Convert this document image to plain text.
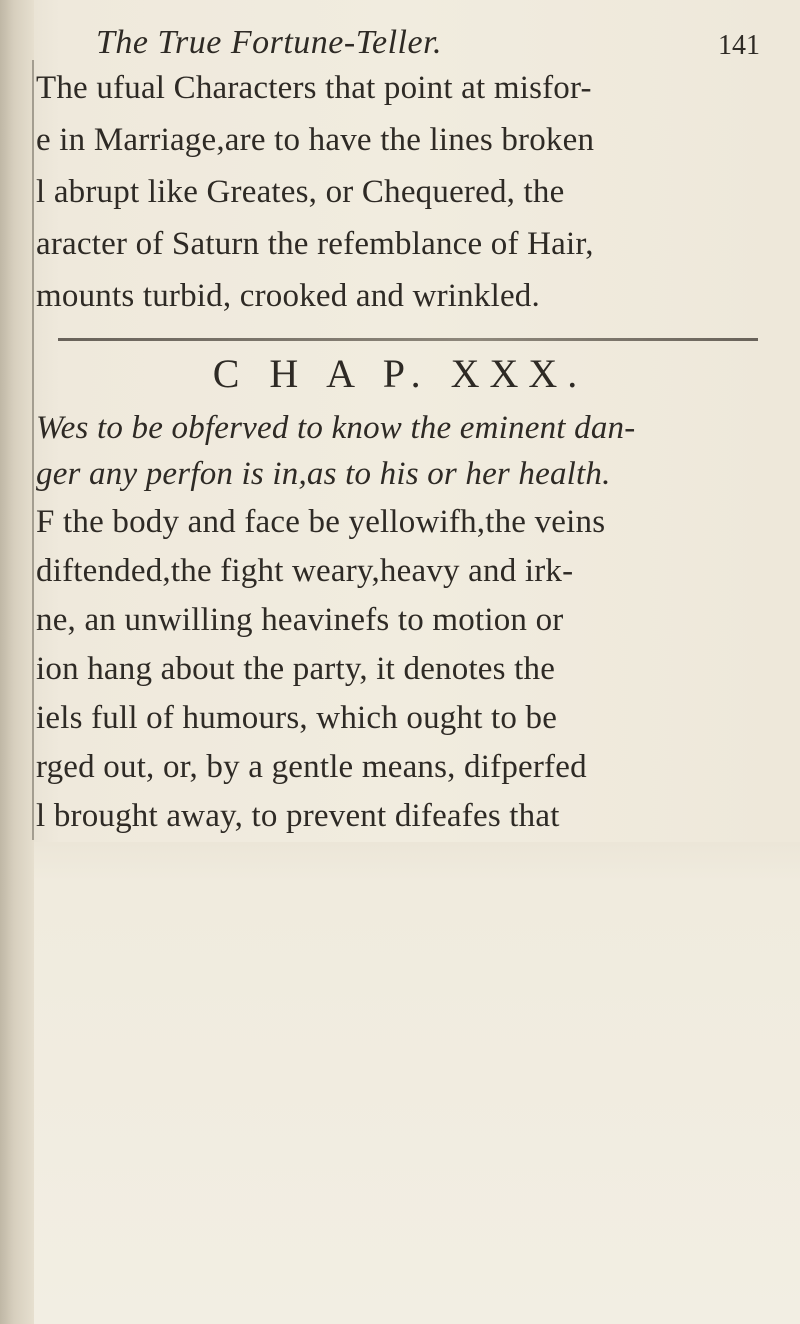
The True Fortune-Teller.	141
The ufual Characters that point at misfor-
e in Marriage,are to have the lines broken
l abrupt like Greates, or Chequered, the
aracter of Saturn the refemblance of Hair,
mounts turbid, crooked and wrinkled.
C H A P. XXX.
Wes to be obferved to know the eminent dan-
ger any perfon is in,as to his or her health.
F the body and face be yellowifh,the veins
diftended,the fight weary,heavy and irk-
ne, an unwilling heavinefs to motion or
ion hang about the party, it denotes the
iels full of humours, which ought to be
rged out, or, by a gentle means, difperfed
l brought away, to prevent difeafes that
